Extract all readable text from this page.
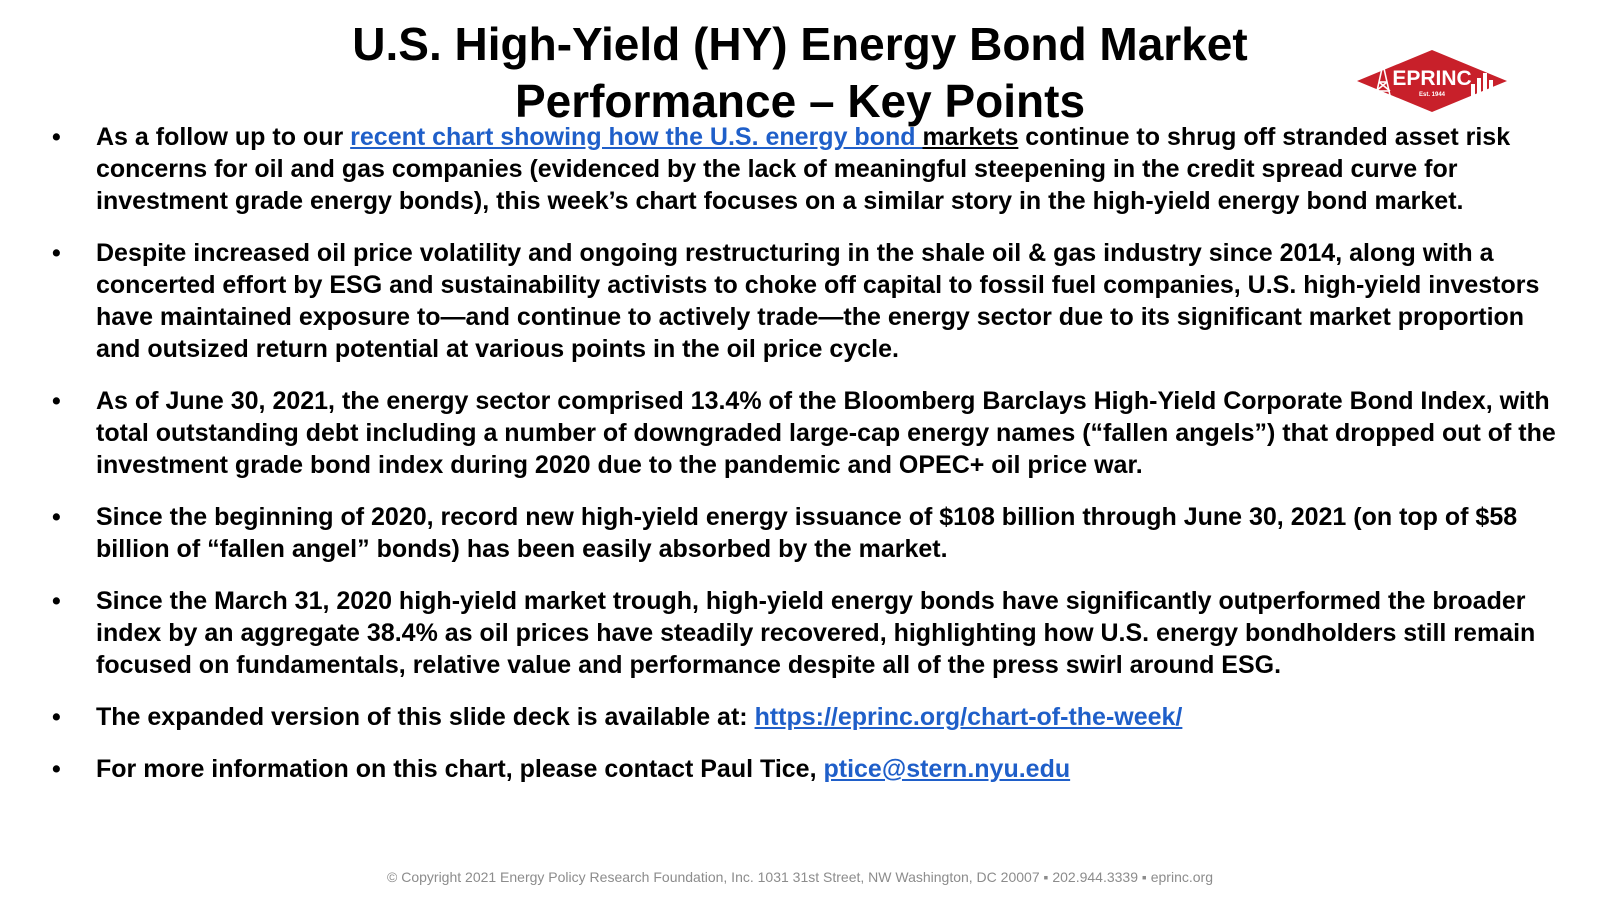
U.S. High-Yield (HY) Energy Bond Market
Performance – Key Points	EPRINC
Est. 1944
• As a follow up to our recent chart showing how the U.S. energy bond markets continue to shrug off stranded asset risk concerns for oil and gas companies (evidenced by the lack of meaningful steepening in the credit spread curve for investment grade energy bonds), this week’s chart focuses on a similar story in the high-yield energy bond market.
• Despite increased oil price volatility and ongoing restructuring in the shale oil & gas industry since 2014, along with a concerted effort by ESG and sustainability activists to choke off capital to fossil fuel companies, U.S. high-yield investors have maintained exposure to—and continue to actively trade—the energy sector due to its significant market proportion and outsized return potential at various points in the oil price cycle.
• As of June 30, 2021, the energy sector comprised 13.4% of the Bloomberg Barclays High-Yield Corporate Bond Index, with total outstanding debt including a number of downgraded large-cap energy names (“fallen angels”) that dropped out of the investment grade bond index during 2020 due to the pandemic and OPEC+ oil price war.
• Since the beginning of 2020, record new high-yield energy issuance of $108 billion through June 30, 2021 (on top of $58 billion of “fallen angel” bonds) has been easily absorbed by the market.
• Since the March 31, 2020 high-yield market trough, high-yield energy bonds have significantly outperformed the broader index by an aggregate 38.4% as oil prices have steadily recovered, highlighting how U.S. energy bondholders still remain focused on fundamentals, relative value and performance despite all of the press swirl around ESG.
• The expanded version of this slide deck is available at: https://eprinc.org/chart-of-the-week/
• For more information on this chart, please contact Paul Tice, ptice@stern.nyu.edu
© Copyright 2021 Energy Policy Research Foundation, Inc. 1031 31st Street, NW Washington, DC 20007 ▪ 202.944.3339 ▪ eprinc.org
